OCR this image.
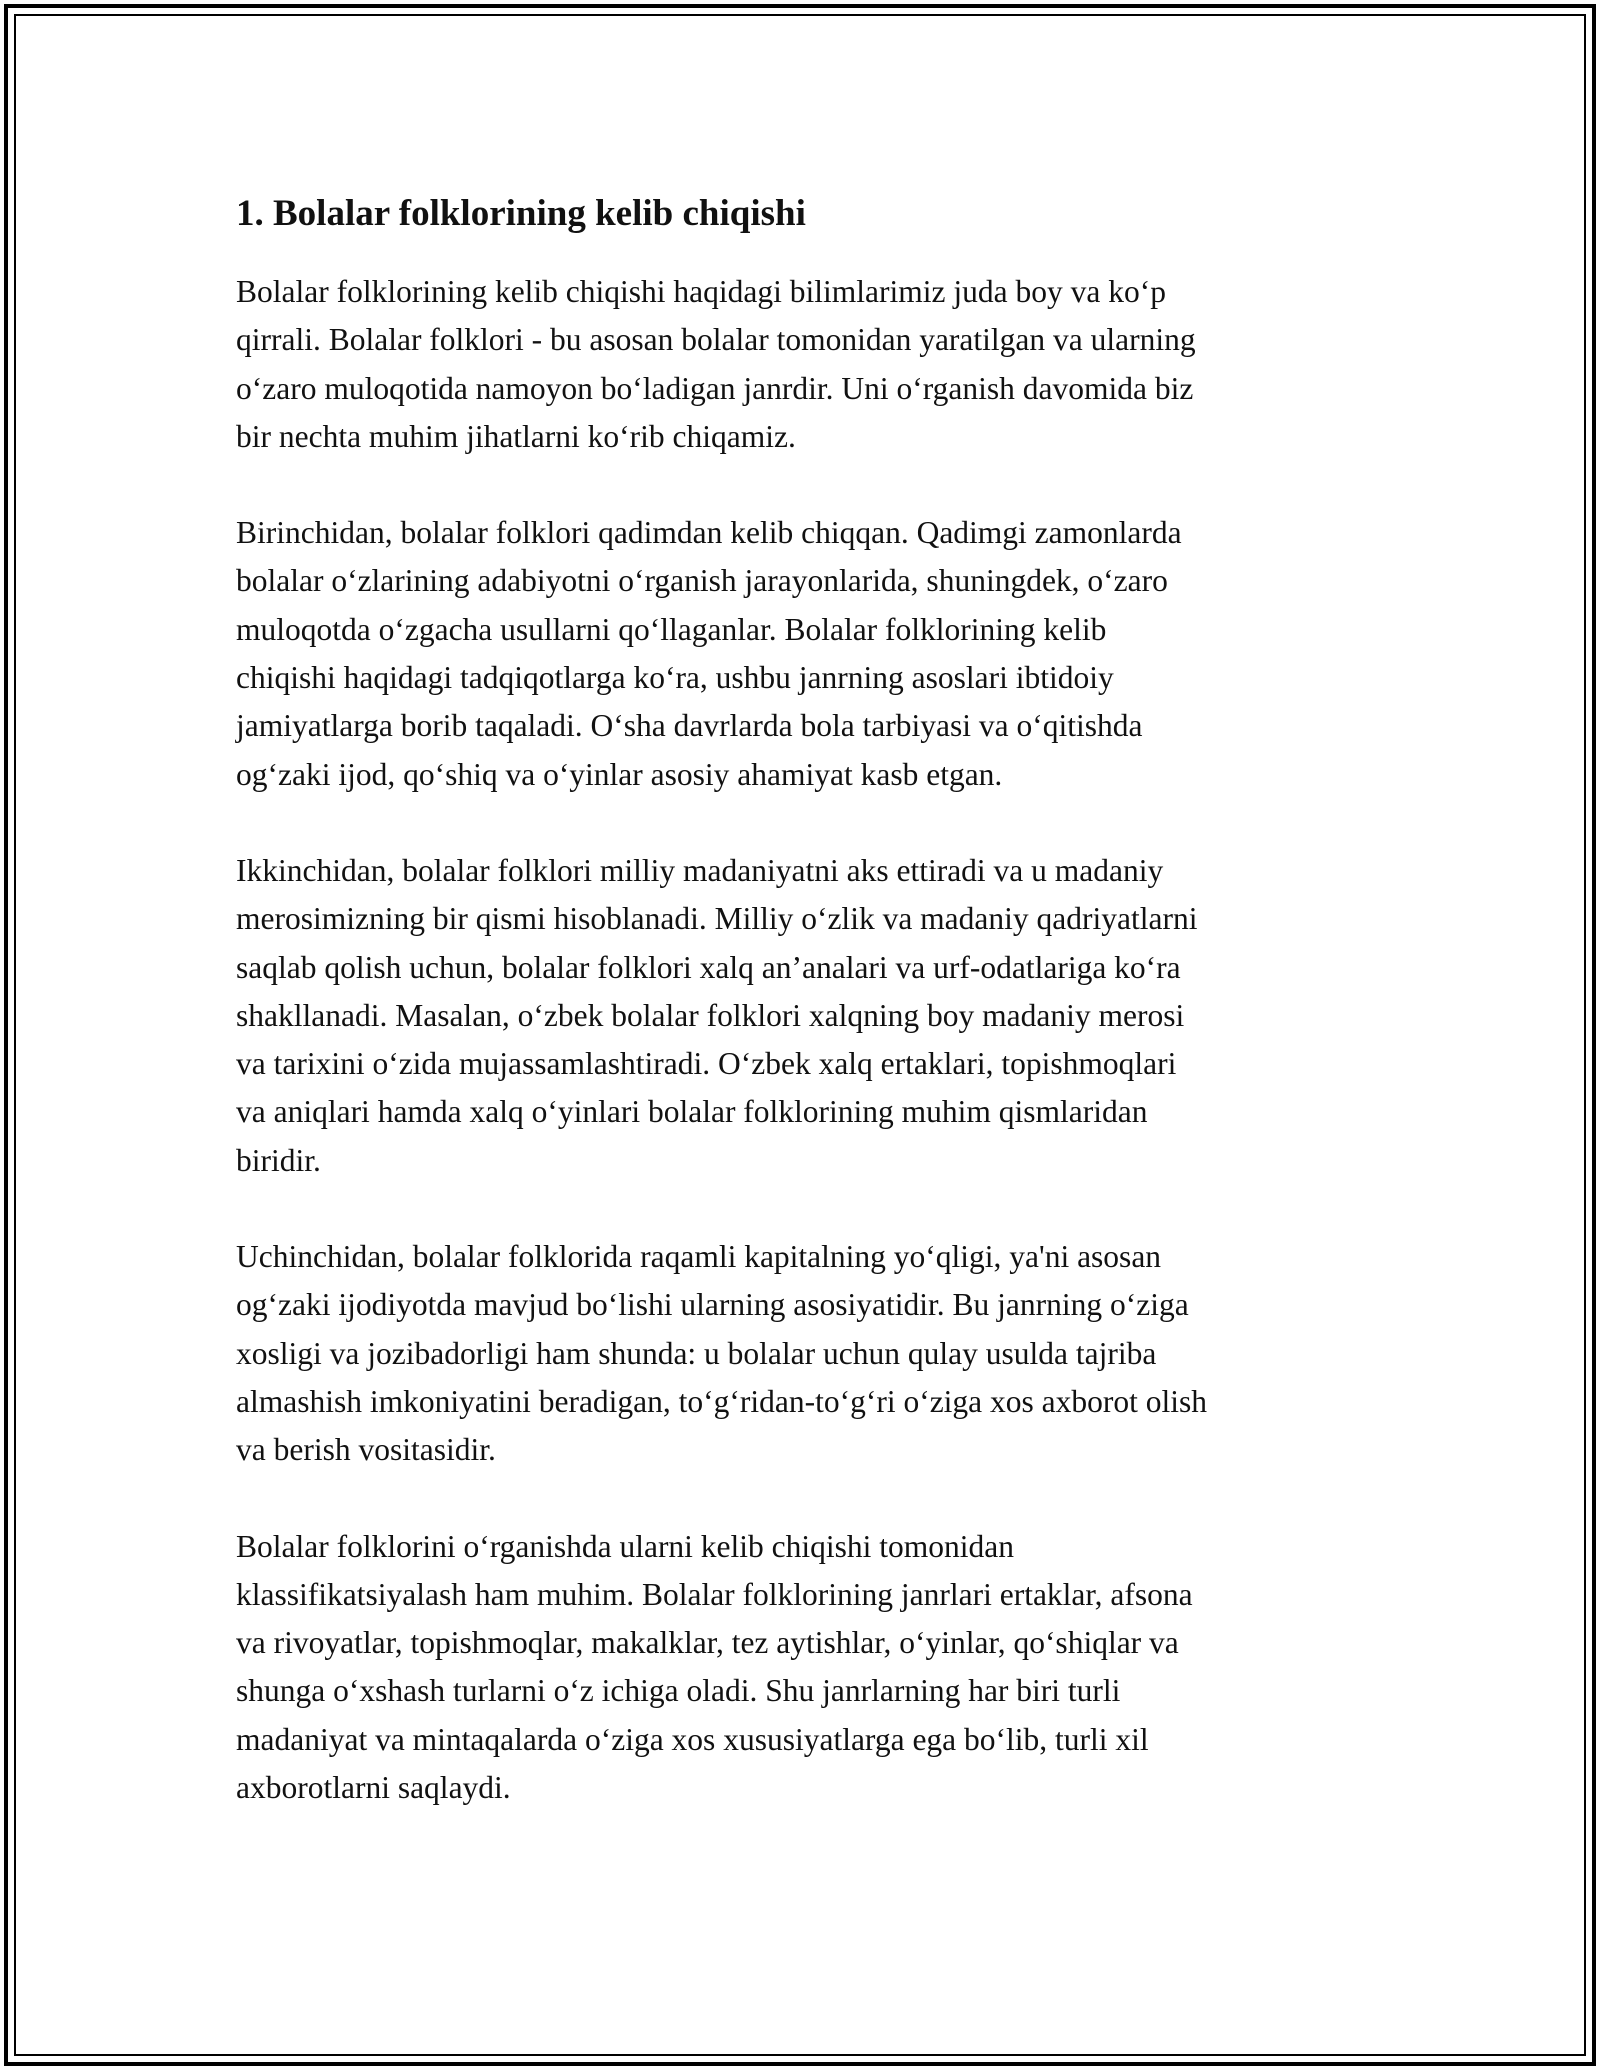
1. Bolalar folklorining kelib chiqishi

Bolalar folklorining kelib chiqishi haqidagi bilimlarimiz juda boy va ko‘p
qirrali. Bolalar folklori - bu asosan bolalar tomonidan yaratilgan va ularning
o‘zaro muloqotida namoyon bo‘ladigan janrdir. Uni o‘rganish davomida biz
bir nechta muhim jihatlarni ko‘rib chiqamiz.

Birinchidan, bolalar folklori qadimdan kelib chiqqan. Qadimgi zamonlarda
bolalar o‘zlarining adabiyotni o‘rganish jarayonlarida, shuningdek, o‘zaro
muloqotda o‘zgacha usullarni qo‘llaganlar. Bolalar folklorining kelib
chiqishi haqidagi tadqiqotlarga ko‘ra, ushbu janrning asoslari ibtidoiy
jamiyatlarga borib taqaladi. O‘sha davrlarda bola tarbiyasi va o‘qitishda
og‘zaki ijod, qo‘shiq va o‘yinlar asosiy ahamiyat kasb etgan.

Ikkinchidan, bolalar folklori milliy madaniyatni aks ettiradi va u madaniy
merosimizning bir qismi hisoblanadi. Milliy o‘zlik va madaniy qadriyatlarni
saqlab qolish uchun, bolalar folklori xalq an’analari va urf-odatlariga ko‘ra
shakllanadi. Masalan, o‘zbek bolalar folklori xalqning boy madaniy merosi
va tarixini o‘zida mujassamlashtiradi. O‘zbek xalq ertaklari, topishmoqlari
va aniqlari hamda xalq o‘yinlari bolalar folklorining muhim qismlaridan
biridir.

Uchinchidan, bolalar folklorida raqamli kapitalning yo‘qligi, ya'ni asosan
og‘zaki ijodiyotda mavjud bo‘lishi ularning asosiyatidir. Bu janrning o‘ziga
xosligi va jozibadorligi ham shunda: u bolalar uchun qulay usulda tajriba
almashish imkoniyatini beradigan, to‘g‘ridan-to‘g‘ri o‘ziga xos axborot olish
va berish vositasidir.

Bolalar folklorini o‘rganishda ularni kelib chiqishi tomonidan
klassifikatsiyalash ham muhim. Bolalar folklorining janrlari ertaklar, afsona
va rivoyatlar, topishmoqlar, makalklar, tez aytishlar, o‘yinlar, qo‘shiqlar va
shunga o‘xshash turlarni o‘z ichiga oladi. Shu janrlarning har biri turli
madaniyat va mintaqalarda o‘ziga xos xususiyatlarga ega bo‘lib, turli xil
axborotlarni saqlaydi.
